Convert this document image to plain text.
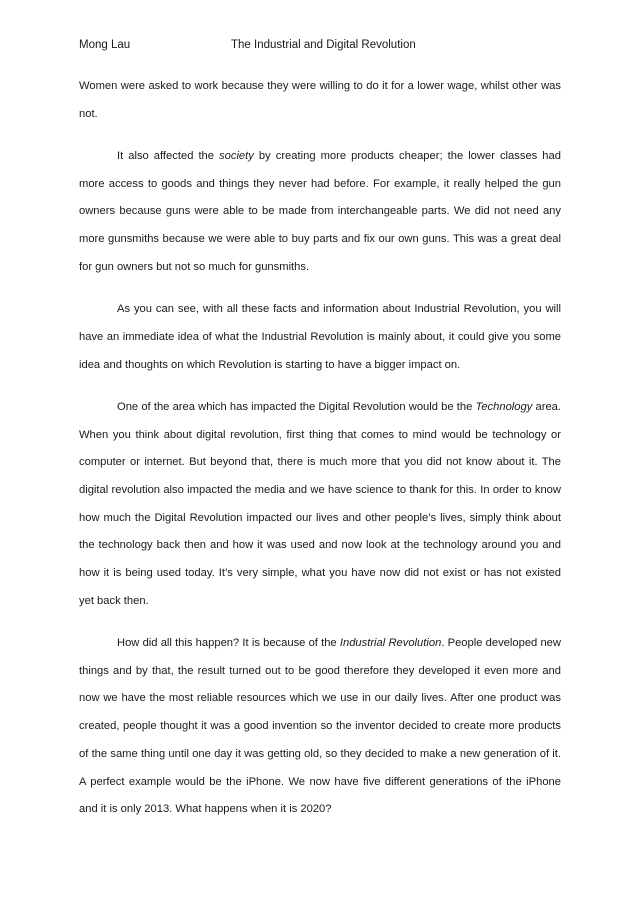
Mong Lau	The Industrial and Digital Revolution

Women were asked to work because they were willing to do it for a lower wage, whilst other was not.

It also affected the society by creating more products cheaper; the lower classes had more access to goods and things they never had before. For example, it really helped the gun owners because guns were able to be made from interchangeable parts. We did not need any more gunsmiths because we were able to buy parts and fix our own guns. This was a great deal for gun owners but not so much for gunsmiths.

As you can see, with all these facts and information about Industrial Revolution, you will have an immediate idea of what the Industrial Revolution is mainly about, it could give you some idea and thoughts on which Revolution is starting to have a bigger impact on.

One of the area which has impacted the Digital Revolution would be the Technology area. When you think about digital revolution, first thing that comes to mind would be technology or computer or internet. But beyond that, there is much more that you did not know about it. The digital revolution also impacted the media and we have science to thank for this. In order to know how much the Digital Revolution impacted our lives and other people’s lives, simply think about the technology back then and how it was used and now look at the technology around you and how it is being used today. It’s very simple, what you have now did not exist or has not existed yet back then.

How did all this happen? It is because of the Industrial Revolution. People developed new things and by that, the result turned out to be good therefore they developed it even more and now we have the most reliable resources which we use in our daily lives. After one product was created, people thought it was a good invention so the inventor decided to create more products of the same thing until one day it was getting old, so they decided to make a new generation of it. A perfect example would be the iPhone. We now have five different generations of the iPhone and it is only 2013. What happens when it is 2020?
